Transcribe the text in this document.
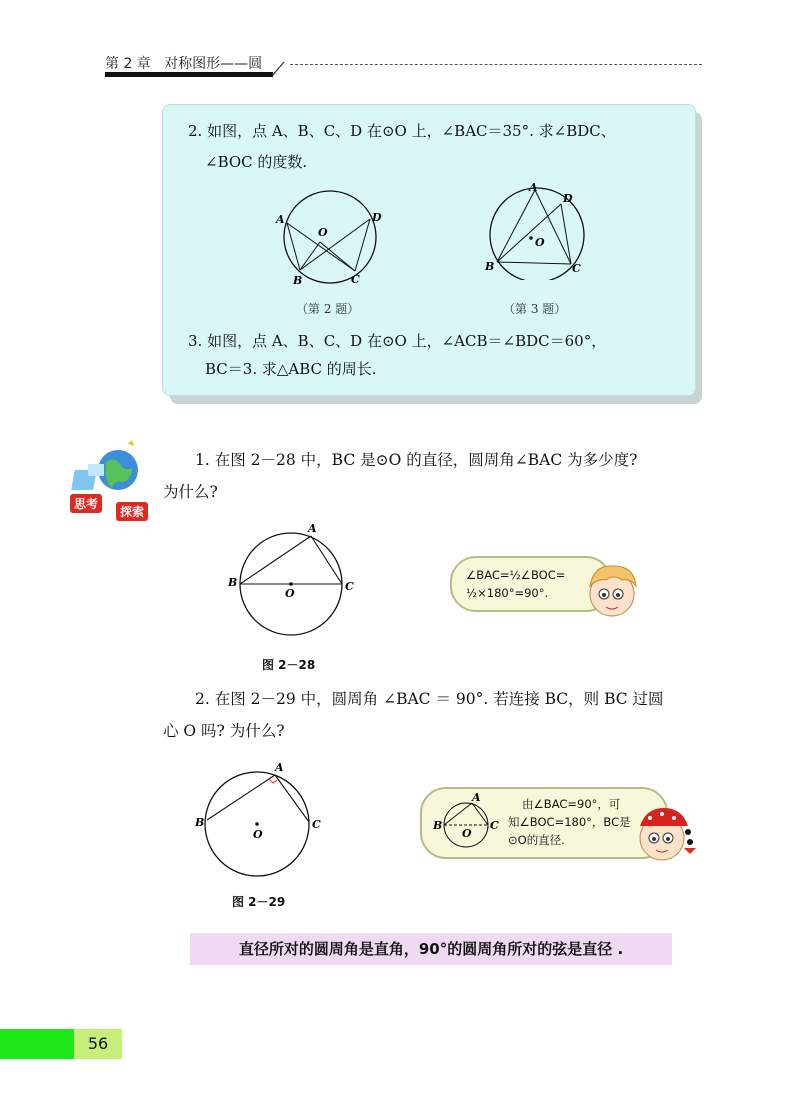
第 2 章 对称图形——圆
2. 如图，点 A、B、C、D 在⊙O 上，∠BAC＝35°. 求∠BDC、
∠BOC 的度数.
A	D
O
B	C
（第 2 题）
A
D
O
B	C
（第 3 题）
3. 如图，点 A、B、C、D 在⊙O 上，∠ACB＝∠BDC＝60°，
BC＝3. 求△ABC 的周长.
思考
探索
1. 在图 2－28 中，BC 是⊙O 的直径，圆周角∠BAC 为多少度?
为什么?
A
B	C
O
图 2－28
∠BAC=½∠BOC=
½×180°=90°.
2. 在图 2－29 中，圆周角 ∠BAC ＝ 90°. 若连接 BC，则 BC 过圆
心 O 吗? 为什么?
A
B	C
O
图 2－29
A
B	C
O
由∠BAC=90°，可
知∠BOC=180°，BC是
⊙O的直径.
直径所对的圆周角是直角，90°的圆周角所对的弦是直径 .
56
